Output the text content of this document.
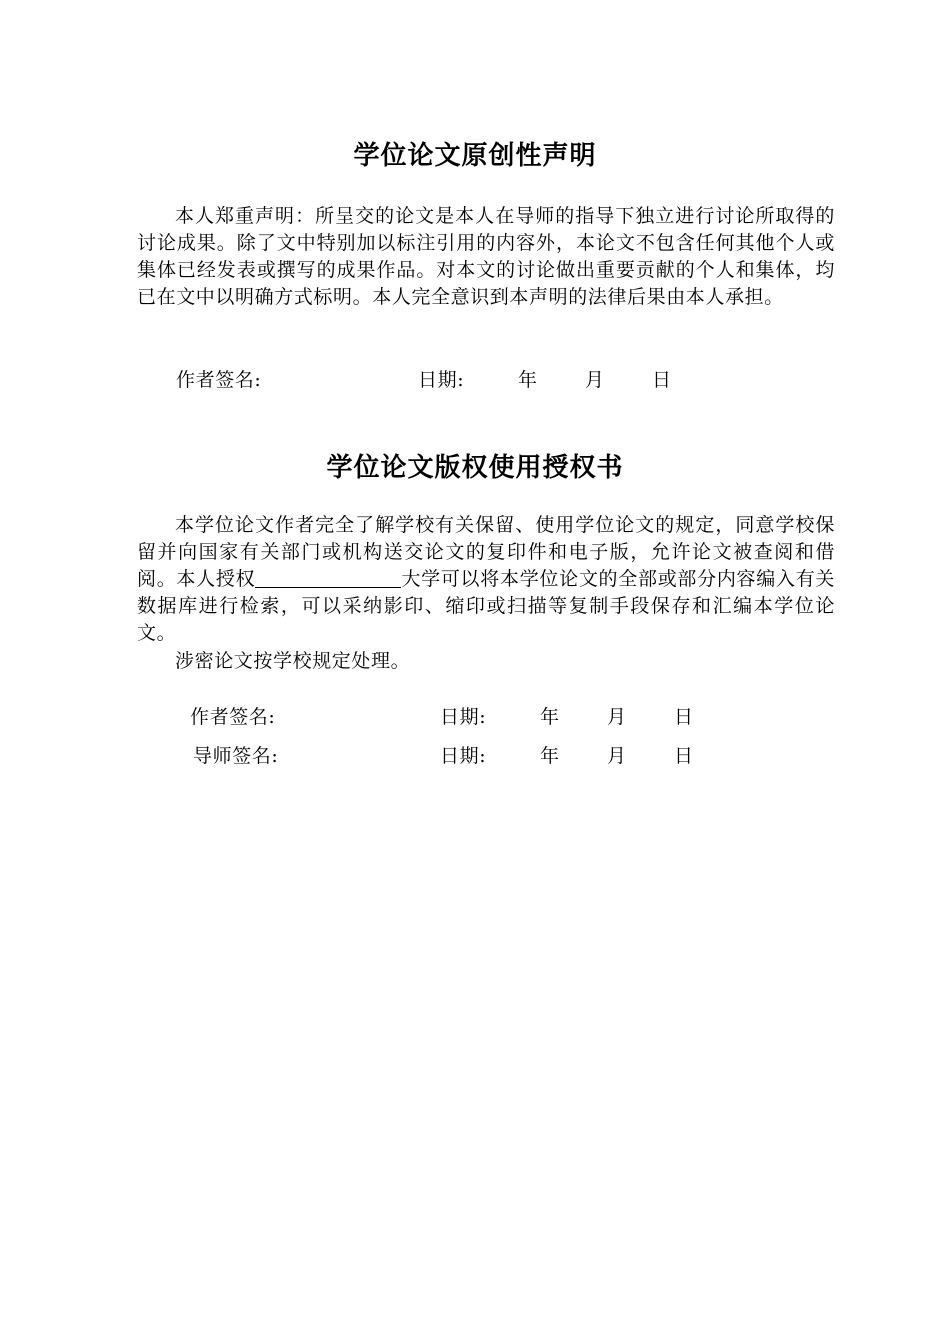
学位论文原创性声明
本人郑重声明：所呈交的论文是本人在导师的指导下独立进行讨论所取得的讨论成果。除了文中特别加以标注引用的内容外，本论文不包含任何其他个人或集体已经发表或撰写的成果作品。对本文的讨论做出重要贡献的个人和集体，均已在文中以明确方式标明。本人完全意识到本声明的法律后果由本人承担。
作者签名:	日期:	年 月 日
学位论文版权使用授权书
本学位论文作者完全了解学校有关保留、使用学位论文的规定，同意学校保留并向国家有关部门或机构送交论文的复印件和电子版，允许论文被查阅和借阅。本人授权	大学可以将本学位论文的全部或部分内容编入有关数据库进行检索，可以采纳影印、缩印或扫描等复制手段保存和汇编本学位论文。
涉密论文按学校规定处理。
作者签名:	日期:	年 月 日
导师签名:	日期:	年 月 日
